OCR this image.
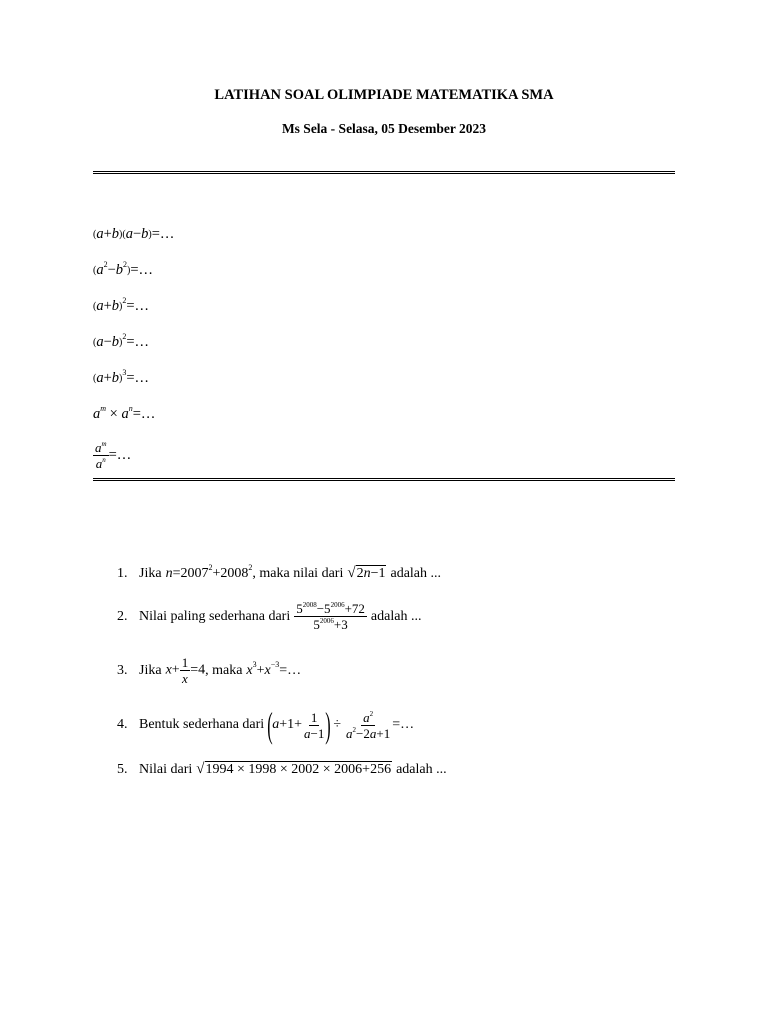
LATIHAN SOAL OLIMPIADE MATEMATIKA SMA
Ms Sela - Selasa, 05 Desember 2023
(a+b)(a−b)=…
$(a^2-b^2)=\dots$
$(a+b)^2=\dots$
$(a-b)^2=\dots$
$(a+b)^3=\dots$
$a^m$ × $a^n=\dots$
$\frac{a^m}{a^n}$ =…
1. Jika $n=2007^2+2008^2$ , maka nilai dari √ 2n−1 adalah ...
2. Nilai paling sederhana dari $\frac{5^{2008}-5^{2006}+72}{5^{2006}+3}$ adalah ...
3. Jika $x+ \frac{1}{x} =4$ , maka $x^3+x^{-3}=\dots$
4. Bentuk sederhana dari ( $a +1+ \frac{1}{a-1}$ ) ÷ $\frac{a^2}{a^2-2a+1}$ =…
5. Nilai dari √ 1994 × 1998 × 2002 × 2006+256 adalah ...
